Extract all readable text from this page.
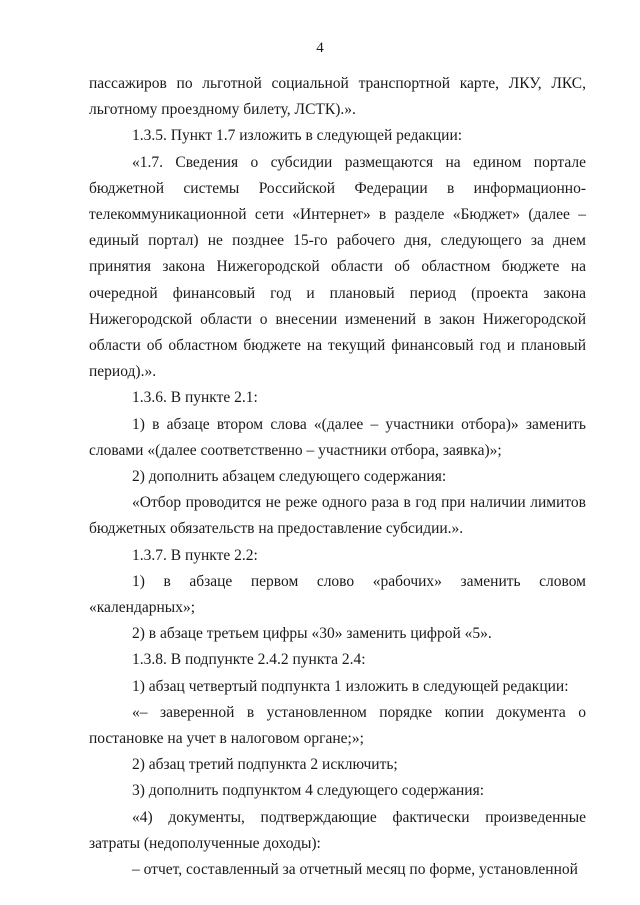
4

пассажиров по льготной социальной транспортной карте, ЛКУ, ЛКС, льготному проездному билету, ЛСТК).».

1.3.5. Пункт 1.7 изложить в следующей редакции:

«1.7. Сведения о субсидии размещаются на едином портале бюджетной системы Российской Федерации в информационно-телекоммуникационной сети «Интернет» в разделе «Бюджет» (далее – единый портал) не позднее 15-го рабочего дня, следующего за днем принятия закона Нижегородской области об областном бюджете на очередной финансовый год и плановый период (проекта закона Нижегородской области о внесении изменений в закон Нижегородской области об областном бюджете на текущий финансовый год и плановый период).».

1.3.6. В пункте 2.1:

1) в абзаце втором слова «(далее – участники отбора)» заменить словами «(далее соответственно – участники отбора, заявка)»;

2) дополнить абзацем следующего содержания:

«Отбор проводится не реже одного раза в год при наличии лимитов бюджетных обязательств на предоставление субсидии.».

1.3.7. В пункте 2.2:

1) в абзаце первом слово «рабочих» заменить словом «календарных»;

2) в абзаце третьем цифры «30» заменить цифрой «5».

1.3.8. В подпункте 2.4.2 пункта 2.4:

1) абзац четвертый подпункта 1 изложить в следующей редакции:

«– заверенной в установленном порядке копии документа о постановке на учет в налоговом органе;»;

2) абзац третий подпункта 2 исключить;

3) дополнить подпунктом 4 следующего содержания:

«4) документы, подтверждающие фактически произведенные затраты (недополученные доходы):

– отчет, составленный за отчетный месяц по форме, установленной
